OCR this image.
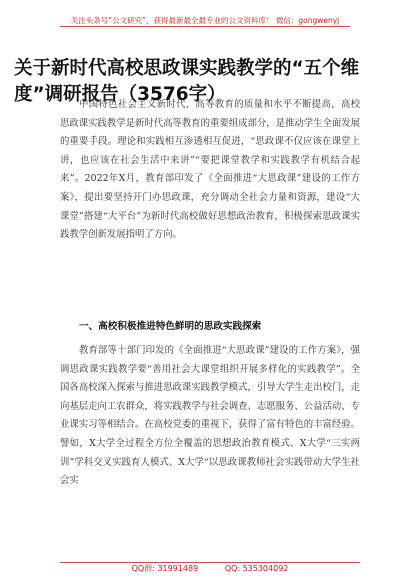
关注头条号“公文研究”，获得最新最全最专业的公文资料库！ 微信：gongwenyj
关于新时代高校思政课实践教学的“五个维度”调研报告（3576字）

中国特色社会主义新时代，高等教育的质量和水平不断提高，高校思政课实践教学是新时代高等教育的重要组成部分，是推动学生全面发展的重要手段。理论和实践相互渗透相互促进，“思政课不仅应该在课堂上讲，也应该在社会生活中来讲”“要把课堂教学和实践教学有机结合起来”。2022年X月，教育部印发了《全面推进“大思政课”建设的工作方案》，提出要坚持开门办思政课，充分调动全社会力量和资源，建设“大课堂”搭建“大平台”为新时代高校做好思想政治教育，积极探索思政课实践教学创新发展指明了方向。

一、高校积极推进特色鲜明的思政实践探索

教育部等十部门印发的《全面推进“大思政课”建设的工作方案》，强调思政课实践教学要“善用社会大课堂组织开展多样化的实践教学”。全国各高校深入探索与推进思政课实践教学模式，引导大学生走出校门，走向基层走向工农群众，将实践教学与社会调查、志愿服务、公益活动、专业课实习等相结合。在高校党委的重视下，获得了富有特色的丰富经验。譬如，X大学全过程全方位全覆盖的思想政治教育模式、X大学“三实两训”学科交叉实践育人模式、X大学“以思政课教师社会实践带动大学生社会实

QQ群: 31991489	QQ: 535304092
